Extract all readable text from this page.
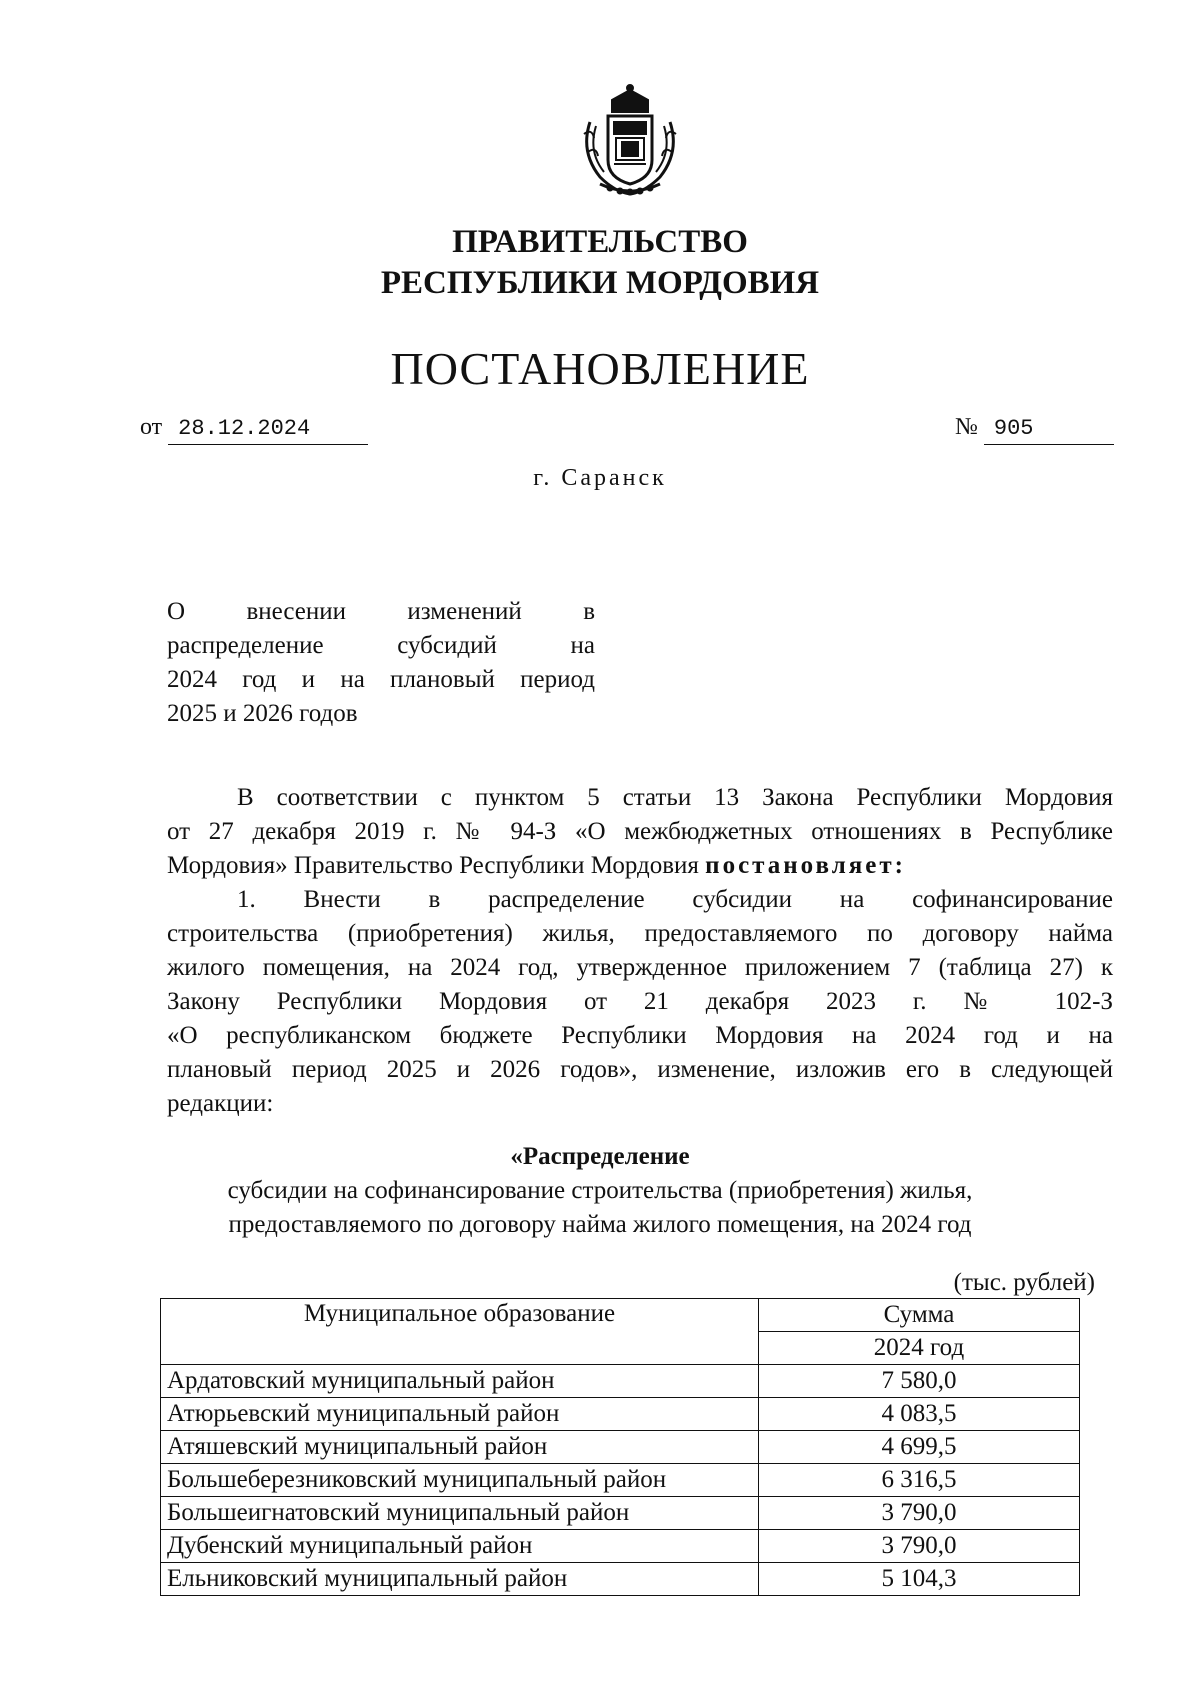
ПРАВИТЕЛЬСТВО
РЕСПУБЛИКИ МОРДОВИЯ
ПОСТАНОВЛЕНИЕ
от 28.12.2024	№ 905
г. Саранск
О внесении изменений в
распределение субсидий на
2024 год и на плановый период
2025 и 2026 годов
В соответствии с пунктом 5 статьи 13 Закона Республики Мордовия
от 27 декабря 2019 г. № 94-З «О межбюджетных отношениях в Республике
Мордовия» Правительство Республики Мордовия постановляет:
1. Внести в распределение субсидии на софинансирование
строительства (приобретения) жилья, предоставляемого по договору найма
жилого помещения, на 2024 год, утвержденное приложением 7 (таблица 27) к
Закону Республики Мордовия от 21 декабря 2023 г. № 102-З
«О республиканском бюджете Республики Мордовия на 2024 год и на
плановый период 2025 и 2026 годов», изменение, изложив его в следующей
редакции:
«Распределение
субсидии на софинансирование строительства (приобретения) жилья,
предоставляемого по договору найма жилого помещения, на 2024 год
(тыс. рублей)
Муниципальное образование	Сумма
	2024 год
Ардатовский муниципальный район	7 580,0
Атюрьевский муниципальный район	4 083,5
Атяшевский муниципальный район	4 699,5
Большеберезниковский муниципальный район	6 316,5
Большеигнатовский муниципальный район	3 790,0
Дубенский муниципальный район	3 790,0
Ельниковский муниципальный район	5 104,3
